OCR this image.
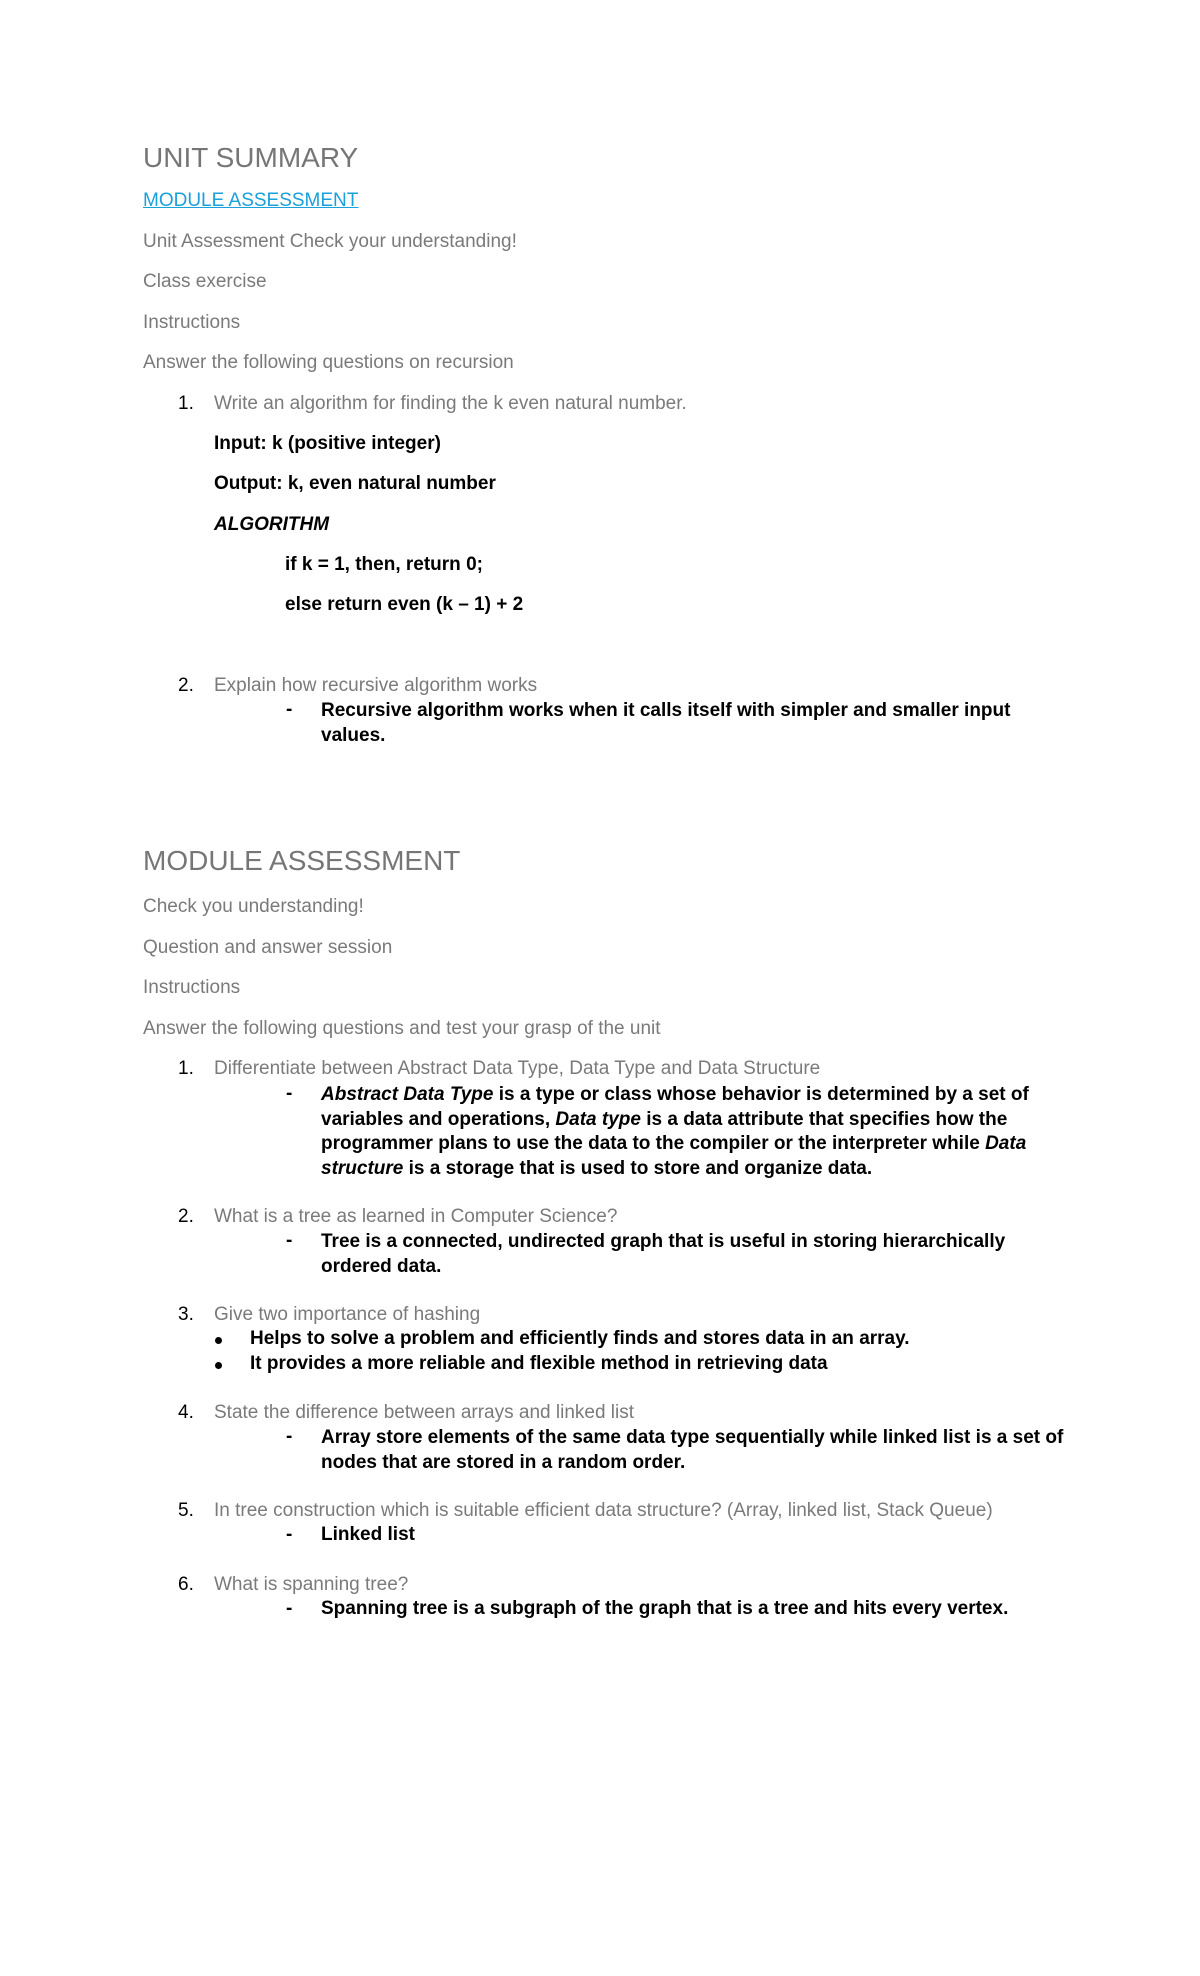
UNIT SUMMARY
MODULE ASSESSMENT
Unit Assessment Check your understanding!
Class exercise
Instructions
Answer the following questions on recursion
1. Write an algorithm for finding the k even natural number.
Input: k (positive integer)
Output: k, even natural number
ALGORITHM
if k = 1, then, return 0;
else return even (k – 1) + 2
2. Explain how recursive algorithm works
- Recursive algorithm works when it calls itself with simpler and smaller input values.
MODULE ASSESSMENT
Check you understanding!
Question and answer session
Instructions
Answer the following questions and test your grasp of the unit
1. Differentiate between Abstract Data Type, Data Type and Data Structure
- Abstract Data Type is a type or class whose behavior is determined by a set of variables and operations, Data type is a data attribute that specifies how the programmer plans to use the data to the compiler or the interpreter while Data structure is a storage that is used to store and organize data.
2. What is a tree as learned in Computer Science?
- Tree is a connected, undirected graph that is useful in storing hierarchically ordered data.
3. Give two importance of hashing
Helps to solve a problem and efficiently finds and stores data in an array.
It provides a more reliable and flexible method in retrieving data
4. State the difference between arrays and linked list
- Array store elements of the same data type sequentially while linked list is a set of nodes that are stored in a random order.
5. In tree construction which is suitable efficient data structure? (Array, linked list, Stack Queue)
- Linked list
6. What is spanning tree?
- Spanning tree is a subgraph of the graph that is a tree and hits every vertex.
